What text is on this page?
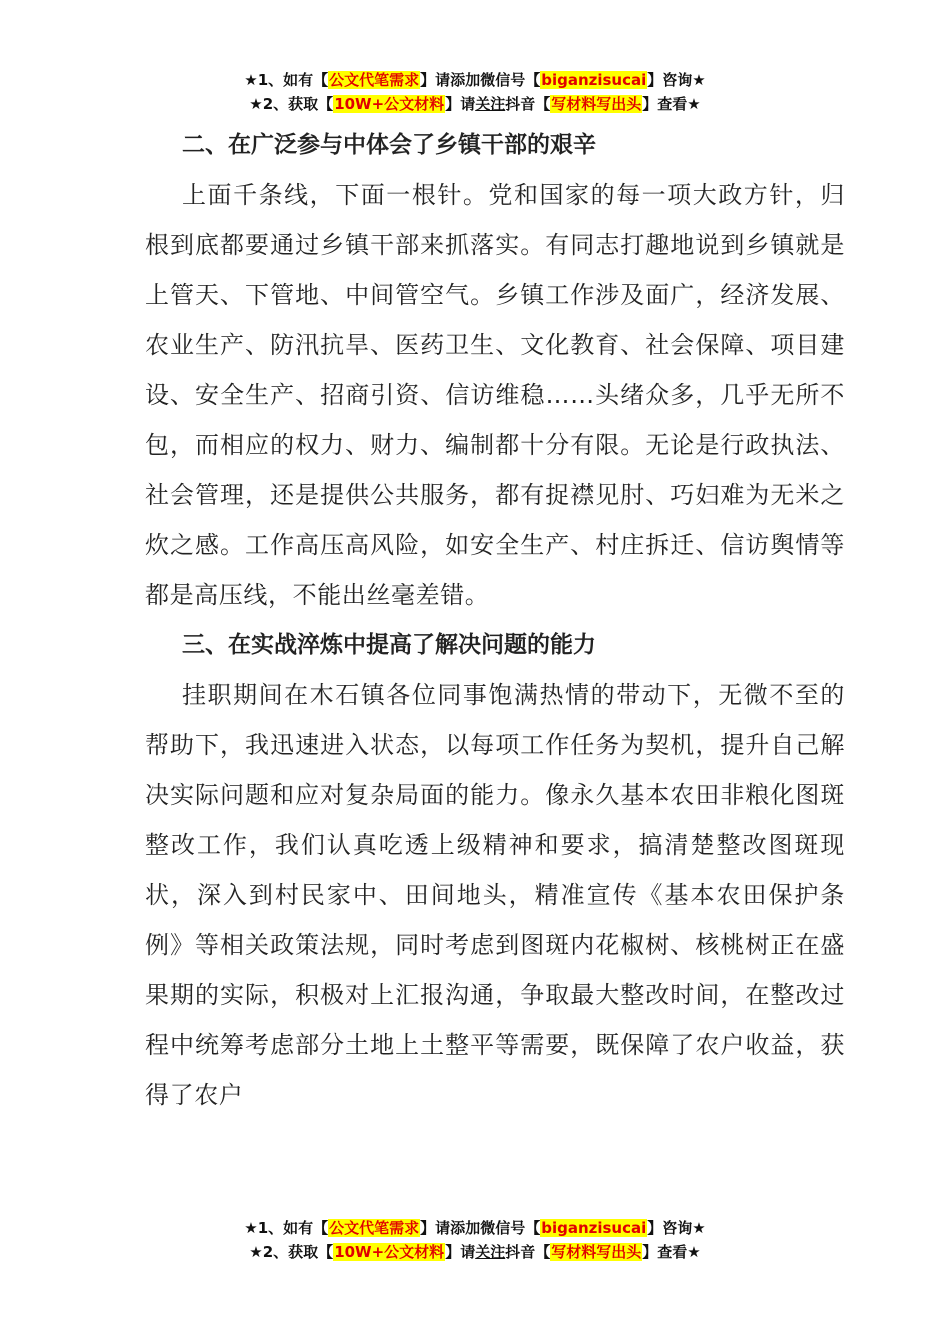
★1、如有【公文代笔需求】请添加微信号【biganzisucai】咨询★
★2、获取【10W+公文材料】请关注抖音【写材料写出头】查看★
二、在广泛参与中体会了乡镇干部的艰辛

上面千条线，下面一根针。党和国家的每一项大政方针，归根到底都要通过乡镇干部来抓落实。有同志打趣地说到乡镇就是上管天、下管地、中间管空气。乡镇工作涉及面广，经济发展、农业生产、防汛抗旱、医药卫生、文化教育、社会保障、项目建设、安全生产、招商引资、信访维稳……头绪众多，几乎无所不包，而相应的权力、财力、编制都十分有限。无论是行政执法、社会管理，还是提供公共服务，都有捉襟见肘、巧妇难为无米之炊之感。工作高压高风险，如安全生产、村庄拆迁、信访舆情等都是高压线，不能出丝毫差错。

三、在实战淬炼中提高了解决问题的能力

挂职期间在木石镇各位同事饱满热情的带动下，无微不至的帮助下，我迅速进入状态，以每项工作任务为契机，提升自己解决实际问题和应对复杂局面的能力。像永久基本农田非粮化图斑整改工作，我们认真吃透上级精神和要求，搞清楚整改图斑现状，深入到村民家中、田间地头，精准宣传《基本农田保护条例》等相关政策法规，同时考虑到图斑内花椒树、核桃树正在盛果期的实际，积极对上汇报沟通，争取最大整改时间，在整改过程中统筹考虑部分土地上土整平等需要，既保障了农户收益，获得了农户

★1、如有【公文代笔需求】请添加微信号【biganzisucai】咨询★
★2、获取【10W+公文材料】请关注抖音【写材料写出头】查看★
